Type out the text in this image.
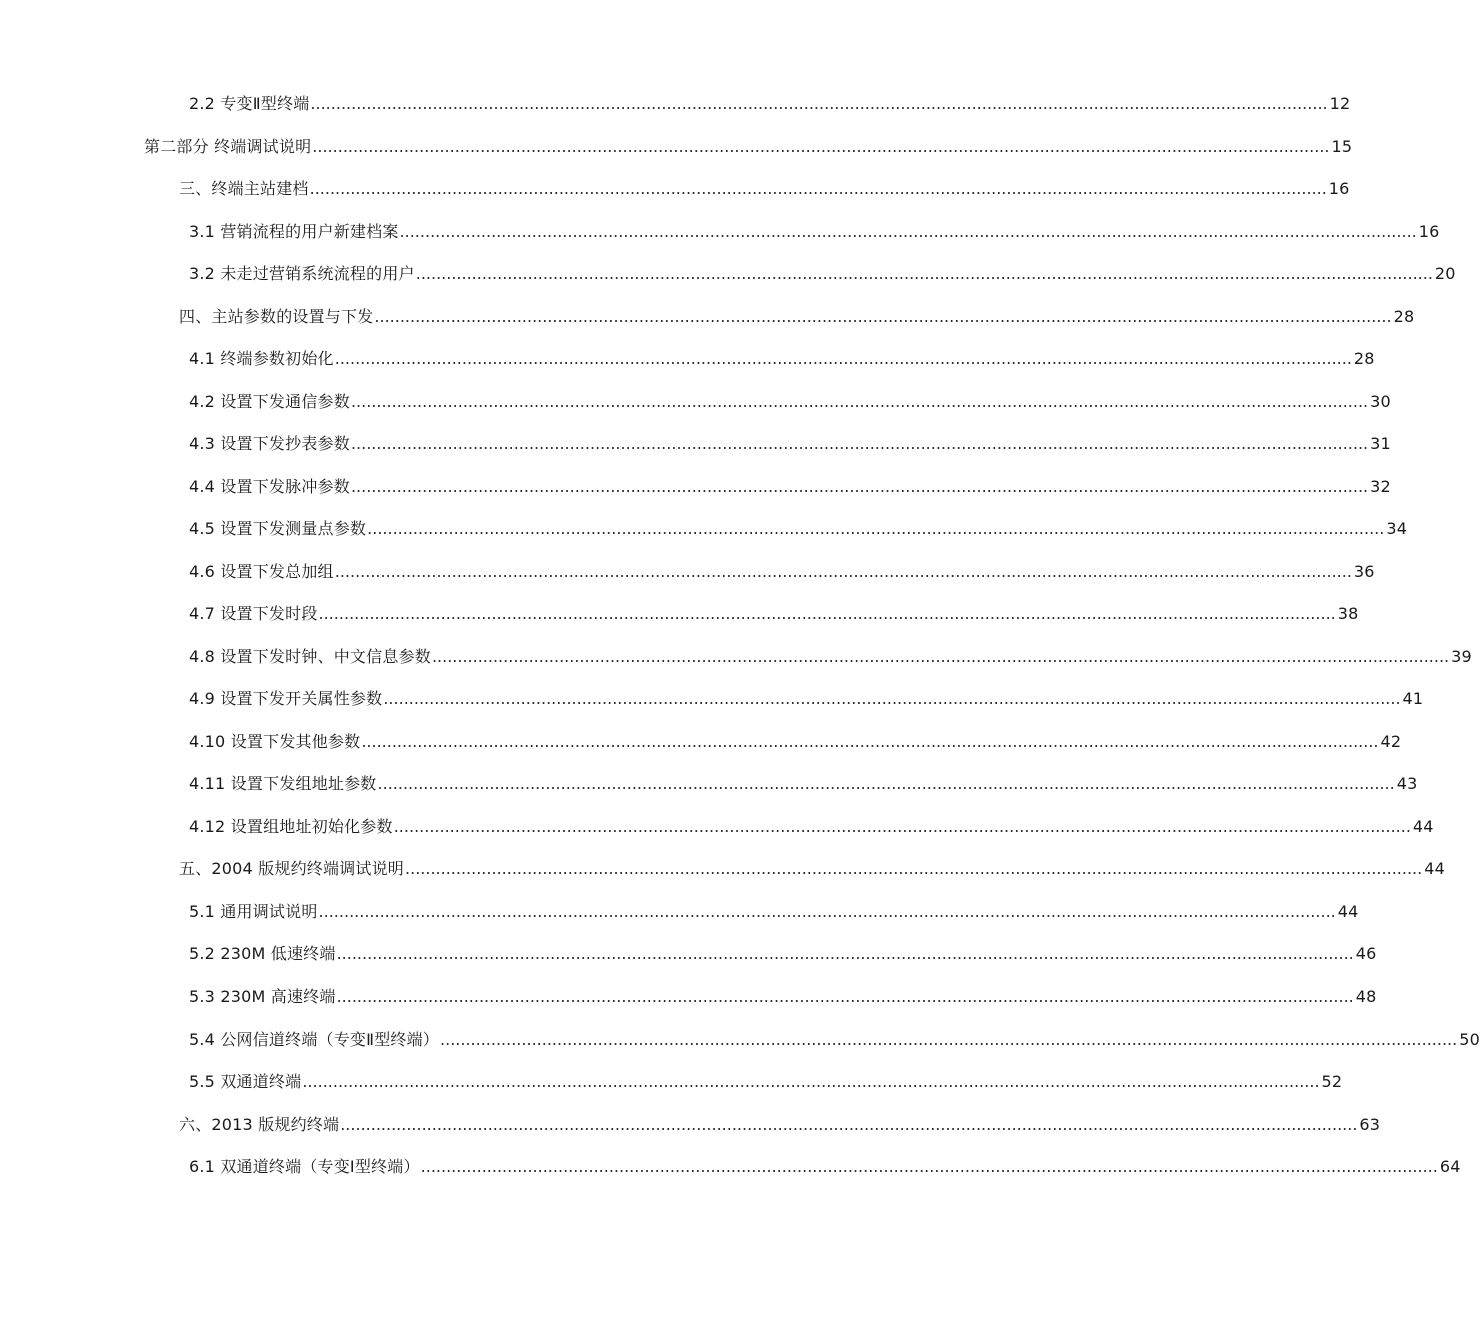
2.2 专变Ⅱ型终端 ........................................................................................................................................................................................................ 12
第二部分 终端调试说明 ........................................................................................................................................................................................................ 15
三、终端主站建档 ........................................................................................................................................................................................................ 16
3.1 营销流程的用户新建档案 ........................................................................................................................................................................................................ 16
3.2 未走过营销系统流程的用户 ........................................................................................................................................................................................................ 20
四、主站参数的设置与下发 ........................................................................................................................................................................................................ 28
4.1 终端参数初始化 ........................................................................................................................................................................................................ 28
4.2 设置下发通信参数 ........................................................................................................................................................................................................ 30
4.3 设置下发抄表参数 ........................................................................................................................................................................................................ 31
4.4 设置下发脉冲参数 ........................................................................................................................................................................................................ 32
4.5 设置下发测量点参数 ........................................................................................................................................................................................................ 34
4.6 设置下发总加组 ........................................................................................................................................................................................................ 36
4.7 设置下发时段 ........................................................................................................................................................................................................ 38
4.8 设置下发时钟、中文信息参数 ........................................................................................................................................................................................................ 39
4.9 设置下发开关属性参数 ........................................................................................................................................................................................................ 41
4.10 设置下发其他参数 ........................................................................................................................................................................................................ 42
4.11 设置下发组地址参数 ........................................................................................................................................................................................................ 43
4.12 设置组地址初始化参数 ........................................................................................................................................................................................................ 44
五、2004 版规约终端调试说明 ........................................................................................................................................................................................................ 44
5.1 通用调试说明 ........................................................................................................................................................................................................ 44
5.2 230M 低速终端 ........................................................................................................................................................................................................ 46
5.3 230M 高速终端 ........................................................................................................................................................................................................ 48
5.4 公网信道终端（专变Ⅱ型终端） ........................................................................................................................................................................................................ 50
5.5 双通道终端 ........................................................................................................................................................................................................ 52
六、2013 版规约终端 ........................................................................................................................................................................................................ 63
6.1 双通道终端（专变Ⅰ型终端） ........................................................................................................................................................................................................ 64
